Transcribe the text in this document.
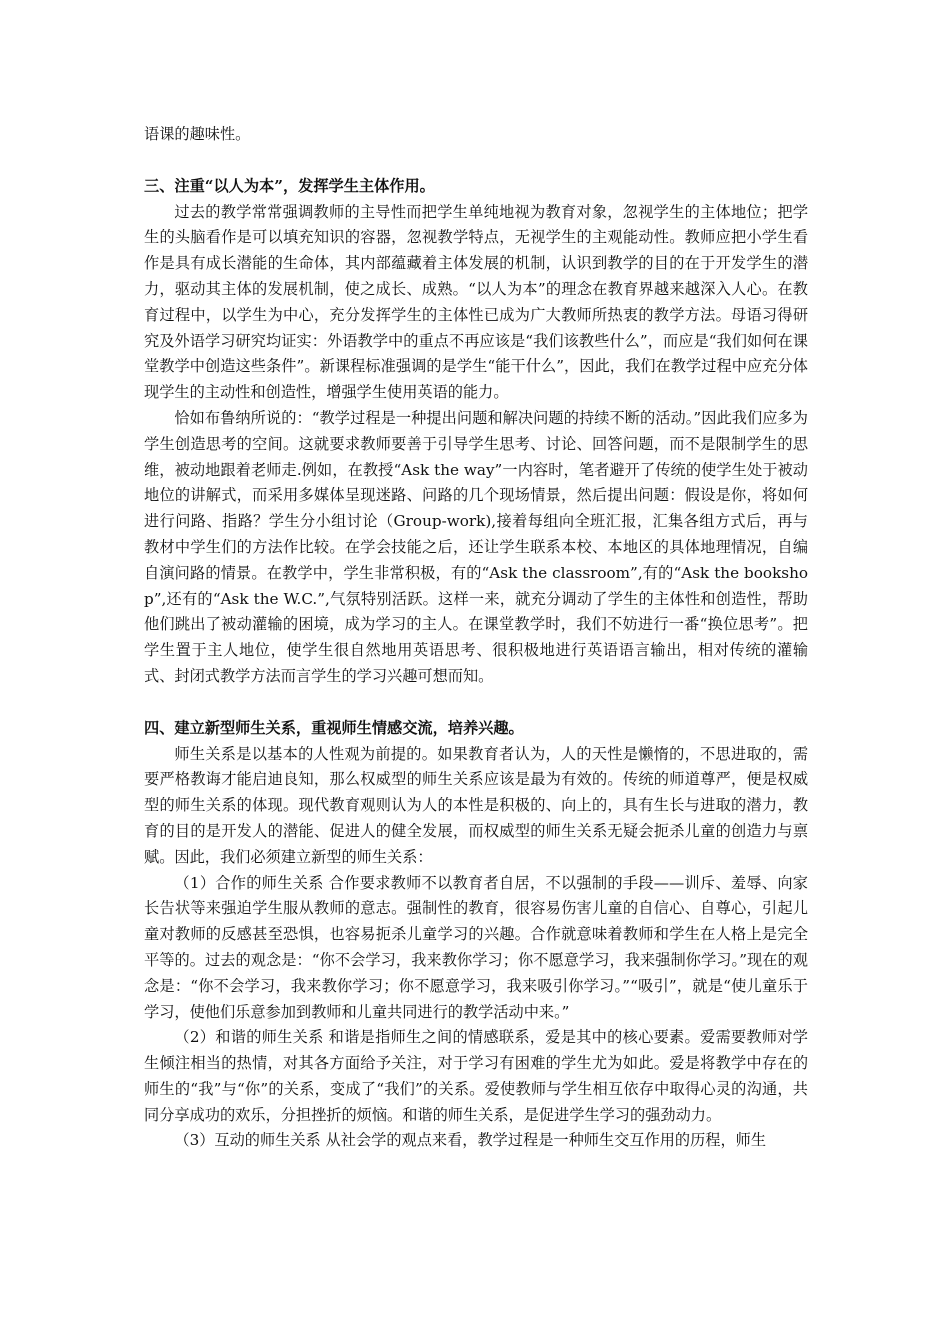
语课的趣味性。

三、注重“以人为本”，发挥学生主体作用。

过去的教学常常强调教师的主导性而把学生单纯地视为教育对象，忽视学生的主体地位；把学生的头脑看作是可以填充知识的容器，忽视教学特点，无视学生的主观能动性。教师应把小学生看作是具有成长潜能的生命体，其内部蕴藏着主体发展的机制，认识到教学的目的在于开发学生的潜力，驱动其主体的发展机制，使之成长、成熟。“以人为本”的理念在教育界越来越深入人心。在教育过程中，以学生为中心，充分发挥学生的主体性已成为广大教师所热衷的教学方法。母语习得研究及外语学习研究均证实：外语教学中的重点不再应该是“我们该教些什么”，而应是“我们如何在课堂教学中创造这些条件”。新课程标准强调的是学生“能干什么”，因此，我们在教学过程中应充分体现学生的主动性和创造性，增强学生使用英语的能力。

恰如布鲁纳所说的：“教学过程是一种提出问题和解决问题的持续不断的活动。”因此我们应多为学生创造思考的空间。这就要求教师要善于引导学生思考、讨论、回答问题，而不是限制学生的思维，被动地跟着老师走.例如，在教授“Ask the way”一内容时，笔者避开了传统的使学生处于被动地位的讲解式，而采用多媒体呈现迷路、问路的几个现场情景，然后提出问题：假设是你，将如何进行问路、指路？学生分小组讨论（Group-work),接着每组向全班汇报，汇集各组方式后，再与教材中学生们的方法作比较。在学会技能之后，还让学生联系本校、本地区的具体地理情况，自编自演问路的情景。在教学中，学生非常积极，有的“Ask the classroom”,有的“Ask the bookshop”,还有的“Ask the W.C.”,气氛特别活跃。这样一来，就充分调动了学生的主体性和创造性，帮助他们跳出了被动灌输的困境，成为学习的主人。在课堂教学时，我们不妨进行一番“换位思考”。把学生置于主人地位，使学生很自然地用英语思考、很积极地进行英语语言输出，相对传统的灌输式、封闭式教学方法而言学生的学习兴趣可想而知。

四、建立新型师生关系，重视师生情感交流，培养兴趣。

师生关系是以基本的人性观为前提的。如果教育者认为，人的天性是懒惰的，不思进取的，需要严格教诲才能启迪良知，那么权威型的师生关系应该是最为有效的。传统的师道尊严，便是权威型的师生关系的体现。现代教育观则认为人的本性是积极的、向上的，具有生长与进取的潜力，教育的目的是开发人的潜能、促进人的健全发展，而权威型的师生关系无疑会扼杀儿童的创造力与禀赋。因此，我们必须建立新型的师生关系：

（1）合作的师生关系 合作要求教师不以教育者自居，不以强制的手段——训斥、羞辱、向家长告状等来强迫学生服从教师的意志。强制性的教育，很容易伤害儿童的自信心、自尊心，引起儿童对教师的反感甚至恐惧，也容易扼杀儿童学习的兴趣。合作就意味着教师和学生在人格上是完全平等的。过去的观念是：“你不会学习，我来教你学习；你不愿意学习，我来强制你学习。”现在的观念是：“你不会学习，我来教你学习；你不愿意学习，我来吸引你学习。”“吸引”，就是“使儿童乐于学习，使他们乐意参加到教师和儿童共同进行的教学活动中来。”

（2）和谐的师生关系 和谐是指师生之间的情感联系，爱是其中的核心要素。爱需要教师对学生倾注相当的热情，对其各方面给予关注，对于学习有困难的学生尤为如此。爱是将教学中存在的师生的“我”与“你”的关系，变成了“我们”的关系。爱使教师与学生相互依存中取得心灵的沟通，共同分享成功的欢乐，分担挫折的烦恼。和谐的师生关系，是促进学生学习的强劲动力。

（3）互动的师生关系 从社会学的观点来看，教学过程是一种师生交互作用的历程，师生
